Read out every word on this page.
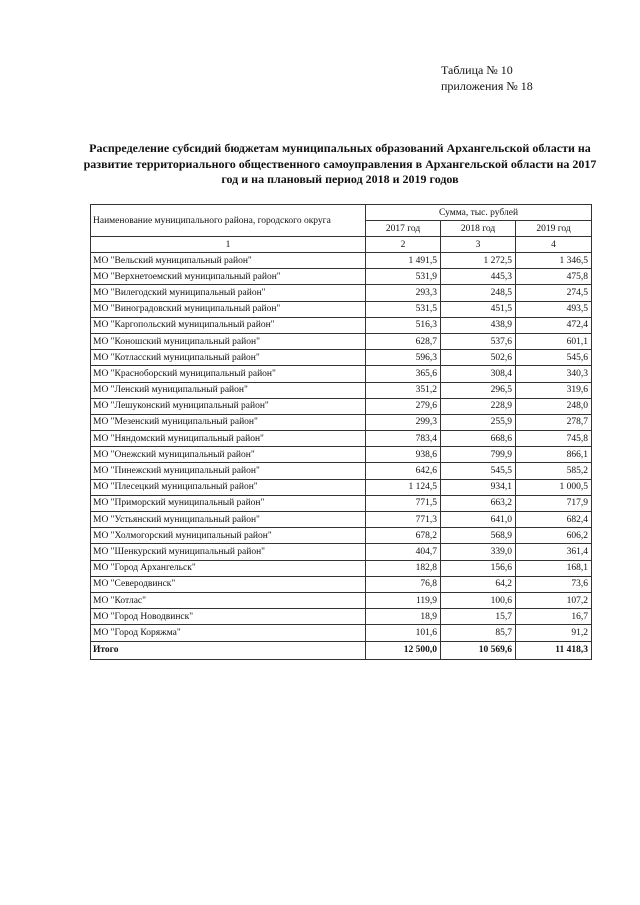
Таблица № 10
приложения № 18
Распределение субсидий бюджетам муниципальных образований Архангельской области на развитие территориального общественного самоуправления в Архангельской области на 2017 год и на плановый период 2018 и 2019 годов
Наименование муниципального района, городского округа	Сумма, тыс. рублей		
	2017 год	2018 год	2019 год
1	2	3	4
МО "Вельский муниципальный район"	1 491,5	1 272,5	1 346,5
МО "Верхнетоемский муниципальный район"	531,9	445,3	475,8
МО "Вилегодский муниципальный район"	293,3	248,5	274,5
МО "Виноградовский муниципальный район"	531,5	451,5	493,5
МО "Каргопольский муниципальный район"	516,3	438,9	472,4
МО "Коношский муниципальный район"	628,7	537,6	601,1
МО "Котласский муниципальный район"	596,3	502,6	545,6
МО "Красноборский муниципальный район"	365,6	308,4	340,3
МО "Ленский муниципальный район"	351,2	296,5	319,6
МО "Лешуконский муниципальный район"	279,6	228,9	248,0
МО "Мезенский муниципальный район"	299,3	255,9	278,7
МО "Няндомский муниципальный район"	783,4	668,6	745,8
МО "Онежский муниципальный район"	938,6	799,9	866,1
МО "Пинежский муниципальный район"	642,6	545,5	585,2
МО "Плесецкий муниципальный район"	1 124,5	934,1	1 000,5
МО "Приморский муниципальный район"	771,5	663,2	717,9
МО "Устьянский муниципальный район"	771,3	641,0	682,4
МО "Холмогорский муниципальный район"	678,2	568,9	606,2
МО "Шенкурский муниципальный район"	404,7	339,0	361,4
МО "Город Архангельск"	182,8	156,6	168,1
МО "Северодвинск"	76,8	64,2	73,6
МО "Котлас"	119,9	100,6	107,2
МО "Город Новодвинск"	18,9	15,7	16,7
МО "Город Коряжма"	101,6	85,7	91,2
Итого	12 500,0	10 569,6	11 418,3
